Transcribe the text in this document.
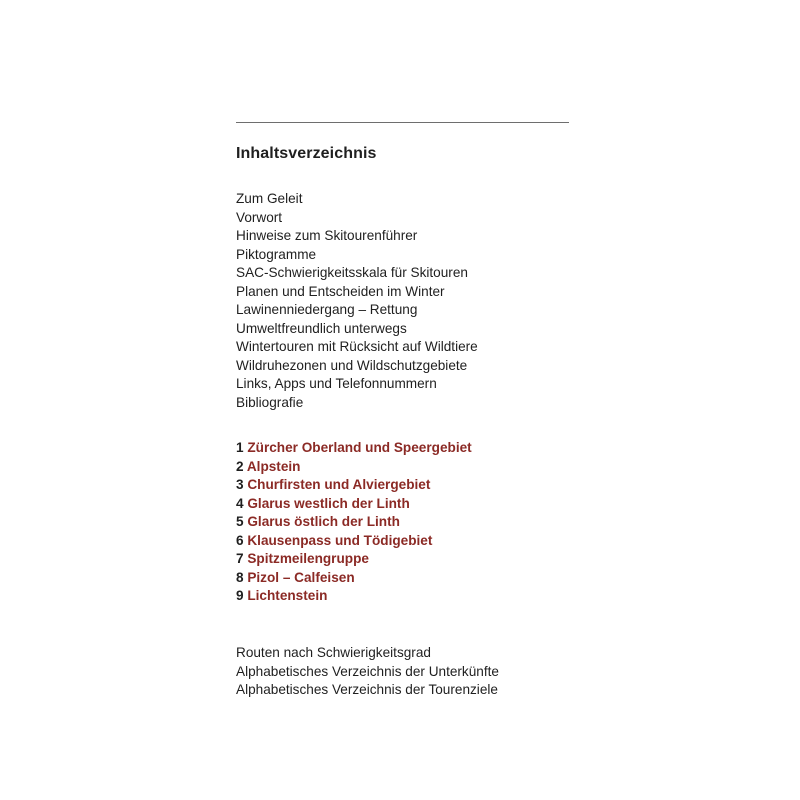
Inhaltsverzeichnis
Zum Geleit
Vorwort
Hinweise zum Skitourenführer
Piktogramme
SAC-Schwierigkeitsskala für Skitouren
Planen und Entscheiden im Winter
Lawinenniedergang – Rettung
Umweltfreundlich unterwegs
Wintertouren mit Rücksicht auf Wildtiere
Wildruhezonen und Wildschutzgebiete
Links, Apps und Telefonnummern
Bibliografie
1 Zürcher Oberland und Speergebiet
2 Alpstein
3 Churfirsten und Alviergebiet
4 Glarus westlich der Linth
5 Glarus östlich der Linth
6 Klausenpass und Tödigebiet
7 Spitzmeilengruppe
8 Pizol – Calfeisen
9 Lichtenstein
Routen nach Schwierigkeitsgrad
Alphabetisches Verzeichnis der Unterkünfte
Alphabetisches Verzeichnis der Tourenziele
